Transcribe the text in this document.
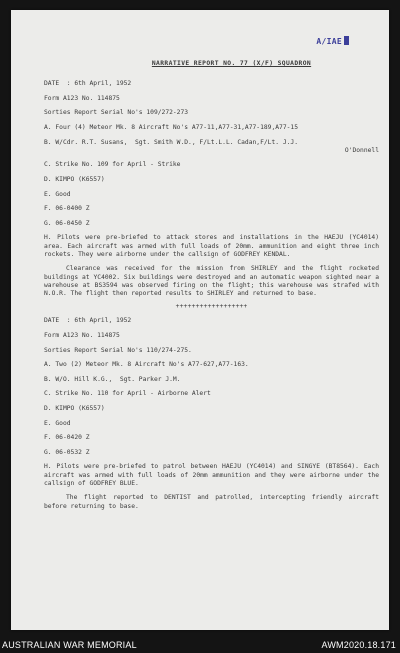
A/IAE
NARRATIVE REPORT NO. 77 (X/F) SQUADRON

DATE  : 6th April, 1952

Form A123 No. 114875

Sorties Report Serial No's 109/272-273

A. Four (4) Meteor Mk. 8 Aircraft No's A77-11,A77-31,A77-189,A77-15

B. W/Cdr. R.T. Susans,  Sgt. Smith W.D., F/Lt.L.L. Cadan,F/Lt. J.J.

O'Donnell

C. Strike No. 109 for April - Strike

D. KIMPO (K6557)

E. Good

F. 06-0400 Z

G. 06-0450 Z

H. Pilots were pre-briefed to attack stores and installations in the HAEJU (YC4014) area. Each aircraft was armed with full loads of 20mm. ammunition and eight three inch rockets. They were airborne under the callsign of GODFREY KENDAL.

Clearance was received for the mission from SHIRLEY and the flight rocketed buildings at YC4002. Six buildings were destroyed and an automatic weapon sighted near a warehouse at BS3594 was observed firing on the flight; this warehouse was strafed with N.O.R. The flight then reported results to SHIRLEY and returned to base.

++++++++++++++++++

DATE  : 6th April, 1952

Form A123 No. 114875

Sorties Report Serial No's 110/274-275.

A. Two (2) Meteor Mk. 8 Aircraft No's A77-627,A77-163.

B. W/O. Hill K.G.,  Sgt. Parker J.M.

C. Strike No. 110 for April - Airborne Alert

D. KIMPO (K6557)

E. Good

F. 06-0420 Z

G. 06-0532 Z

H. Pilots were pre-briefed to patrol between HAEJU (YC4014) and SINGYE (BT8564). Each aircraft was armed with full loads of 20mm ammunition and they were airborne under the callsign of GODFREY BLUE.

The flight reported to DENTIST and patrolled, intercepting friendly aircraft before returning to base.

AUSTRALIAN WAR MEMORIAL	AWM2020.18.171
